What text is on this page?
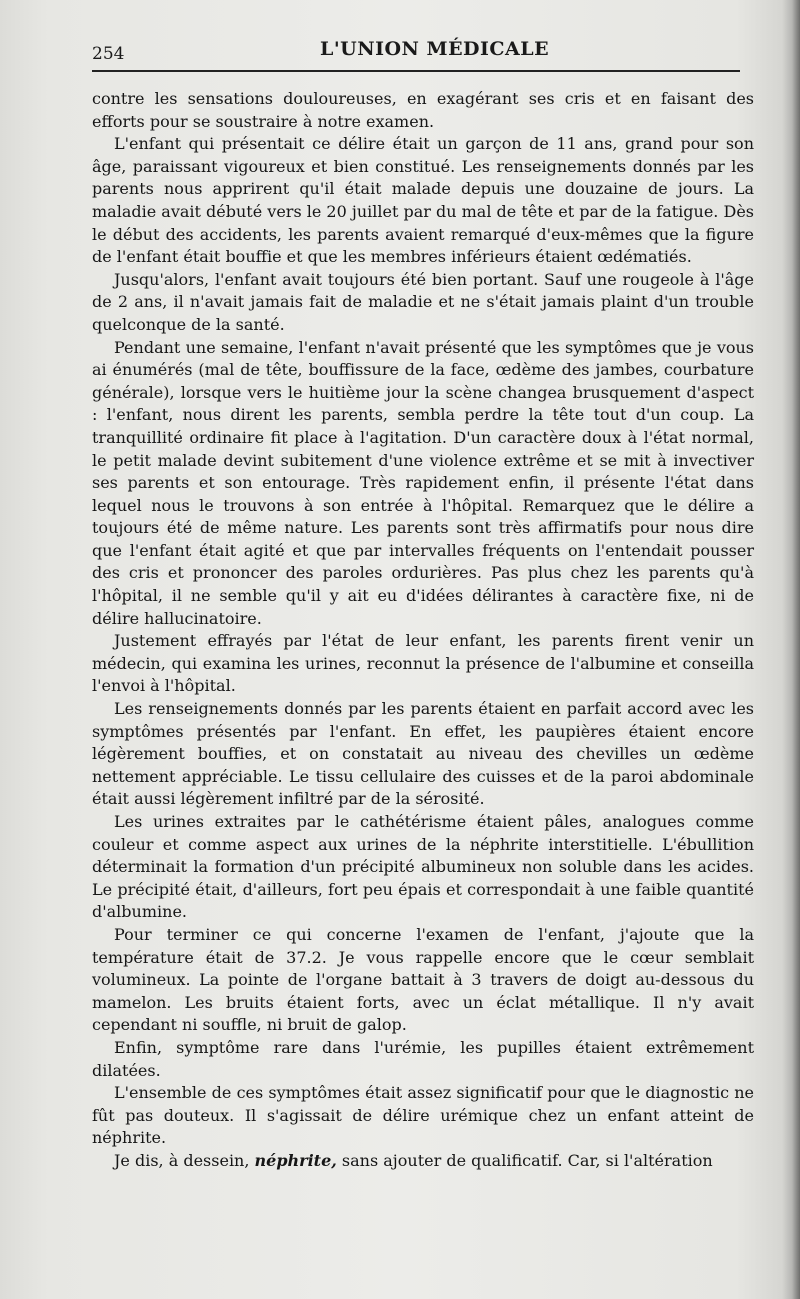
254	L'UNION MÉDICALE

contre les sensations douloureuses, en exagérant ses cris et en faisant des efforts pour se soustraire à notre examen.

L'enfant qui présentait ce délire était un garçon de 11 ans, grand pour son âge, paraissant vigoureux et bien constitué. Les renseignements donnés par les parents nous apprirent qu'il était malade depuis une douzaine de jours. La maladie avait débuté vers le 20 juillet par du mal de tête et par de la fatigue. Dès le début des accidents, les parents avaient remarqué d'eux-mêmes que la figure de l'enfant était bouffie et que les membres inférieurs étaient œdématiés.

Jusqu'alors, l'enfant avait toujours été bien portant. Sauf une rougeole à l'âge de 2 ans, il n'avait jamais fait de maladie et ne s'était jamais plaint d'un trouble quelconque de la santé.

Pendant une semaine, l'enfant n'avait présenté que les symptômes que je vous ai énumérés (mal de tête, bouffissure de la face, œdème des jambes, courbature générale), lorsque vers le huitième jour la scène changea brusquement d'aspect : l'enfant, nous dirent les parents, sembla perdre la tête tout d'un coup. La tranquillité ordinaire fit place à l'agitation. D'un caractère doux à l'état normal, le petit malade devint subitement d'une violence extrême et se mit à invectiver ses parents et son entourage. Très rapidement enfin, il présente l'état dans lequel nous le trouvons à son entrée à l'hôpital. Remarquez que le délire a toujours été de même nature. Les parents sont très affirmatifs pour nous dire que l'enfant était agité et que par intervalles fréquents on l'entendait pousser des cris et prononcer des paroles ordurières. Pas plus chez les parents qu'à l'hôpital, il ne semble qu'il y ait eu d'idées délirantes à caractère fixe, ni de délire hallucinatoire.

Justement effrayés par l'état de leur enfant, les parents firent venir un médecin, qui examina les urines, reconnut la présence de l'albumine et conseilla l'envoi à l'hôpital.

Les renseignements donnés par les parents étaient en parfait accord avec les symptômes présentés par l'enfant. En effet, les paupières étaient encore légèrement bouffies, et on constatait au niveau des chevilles un œdème nettement appréciable. Le tissu cellulaire des cuisses et de la paroi abdominale était aussi légèrement infiltré par de la sérosité.

Les urines extraites par le cathétérisme étaient pâles, analogues comme couleur et comme aspect aux urines de la néphrite interstitielle. L'ébullition déterminait la formation d'un précipité albumineux non soluble dans les acides. Le précipité était, d'ailleurs, fort peu épais et correspondait à une faible quantité d'albumine.

Pour terminer ce qui concerne l'examen de l'enfant, j'ajoute que la température était de 37.2. Je vous rappelle encore que le cœur semblait volumineux. La pointe de l'organe battait à 3 travers de doigt au-dessous du mamelon. Les bruits étaient forts, avec un éclat métallique. Il n'y avait cependant ni souffle, ni bruit de galop.

Enfin, symptôme rare dans l'urémie, les pupilles étaient extrêmement dilatées.

L'ensemble de ces symptômes était assez significatif pour que le diagnostic ne fût pas douteux. Il s'agissait de délire urémique chez un enfant atteint de néphrite.

Je dis, à dessein, néphrite, sans ajouter de qualificatif. Car, si l'altération
